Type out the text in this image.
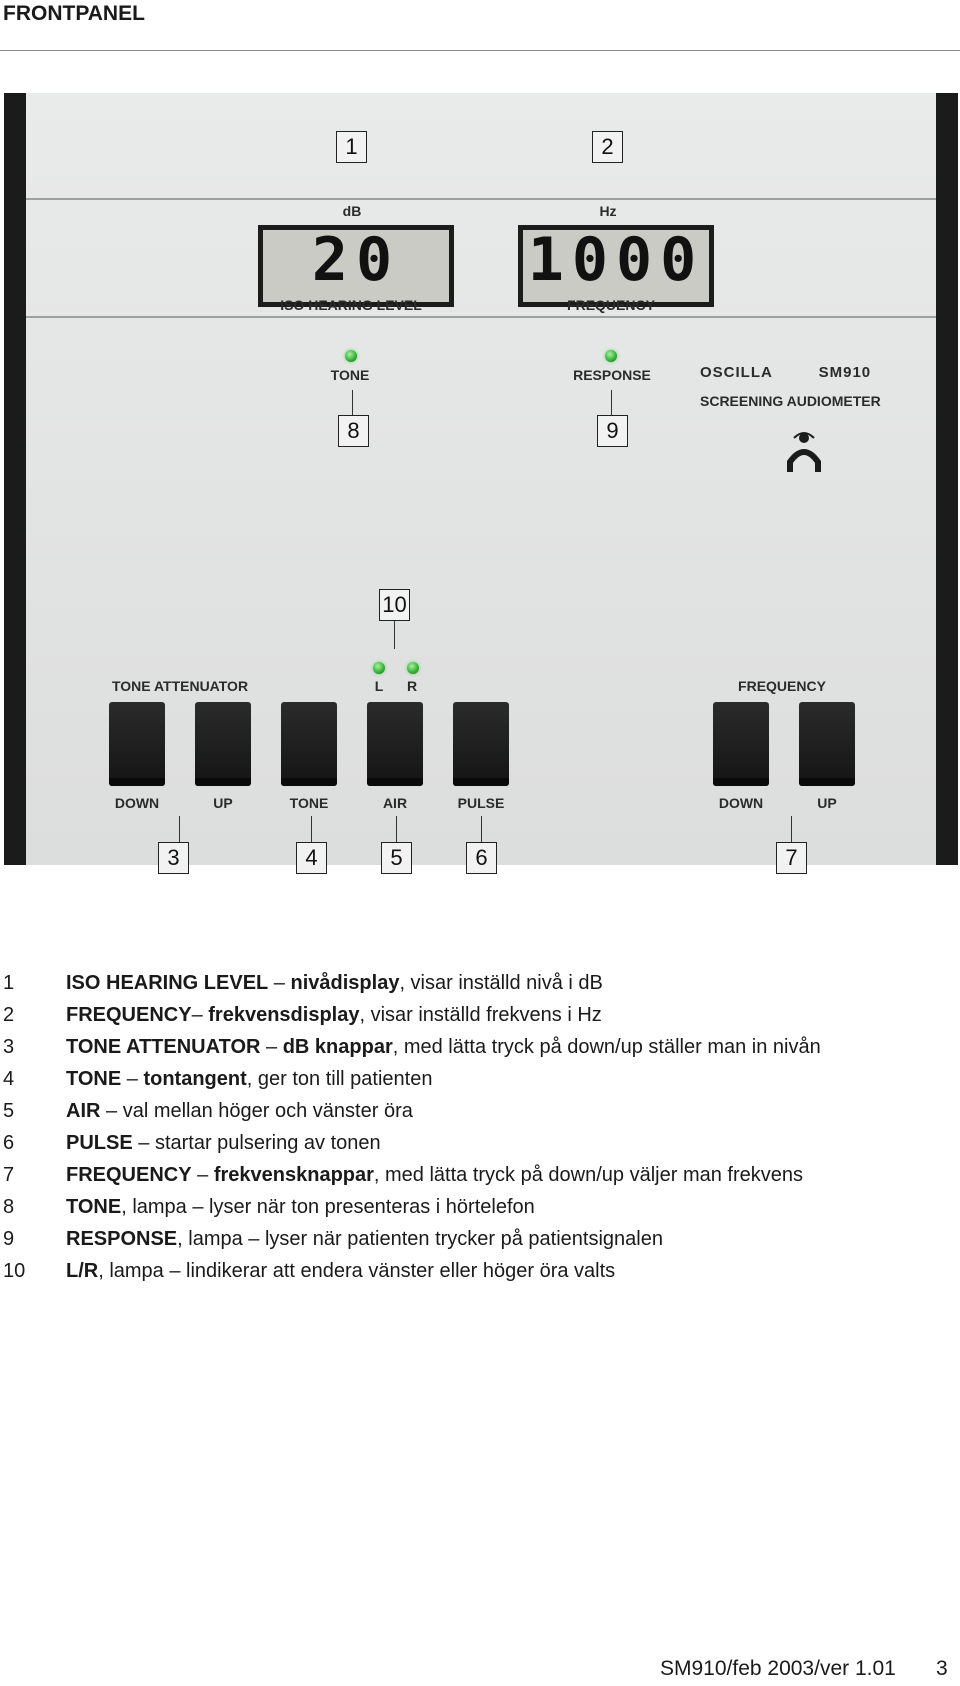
FRONTPANEL
1	2
dB	Hz
20	1000
ISO HEARING LEVEL	FREQUENCY
TONE	RESPONSE
8	9
OSCILLA	SM910
SCREENING AUDIOMETER
10
TONE ATTENUATOR	L	R	FREQUENCY
DOWN	UP	TONE	AIR	PULSE	DOWN	UP
3	4	5	6	7
1	ISO HEARING LEVEL – nivådisplay, visar inställd nivå i dB
2	FREQUENCY– frekvensdisplay, visar inställd frekvens i Hz
3	TONE ATTENUATOR – dB knappar, med lätta tryck på down/up ställer man in nivån
4	TONE – tontangent, ger ton till patienten
5	AIR – val mellan höger och vänster öra
6	PULSE – startar pulsering av tonen
7	FREQUENCY – frekvensknappar, med lätta tryck på down/up väljer man frekvens
8	TONE, lampa – lyser när ton presenteras i hörtelefon
9	RESPONSE, lampa – lyser när patienten trycker på patientsignalen
10 L/R, lampa – lindikerar att endera vänster eller höger öra valts
SM910/feb 2003/ver 1.01 3
